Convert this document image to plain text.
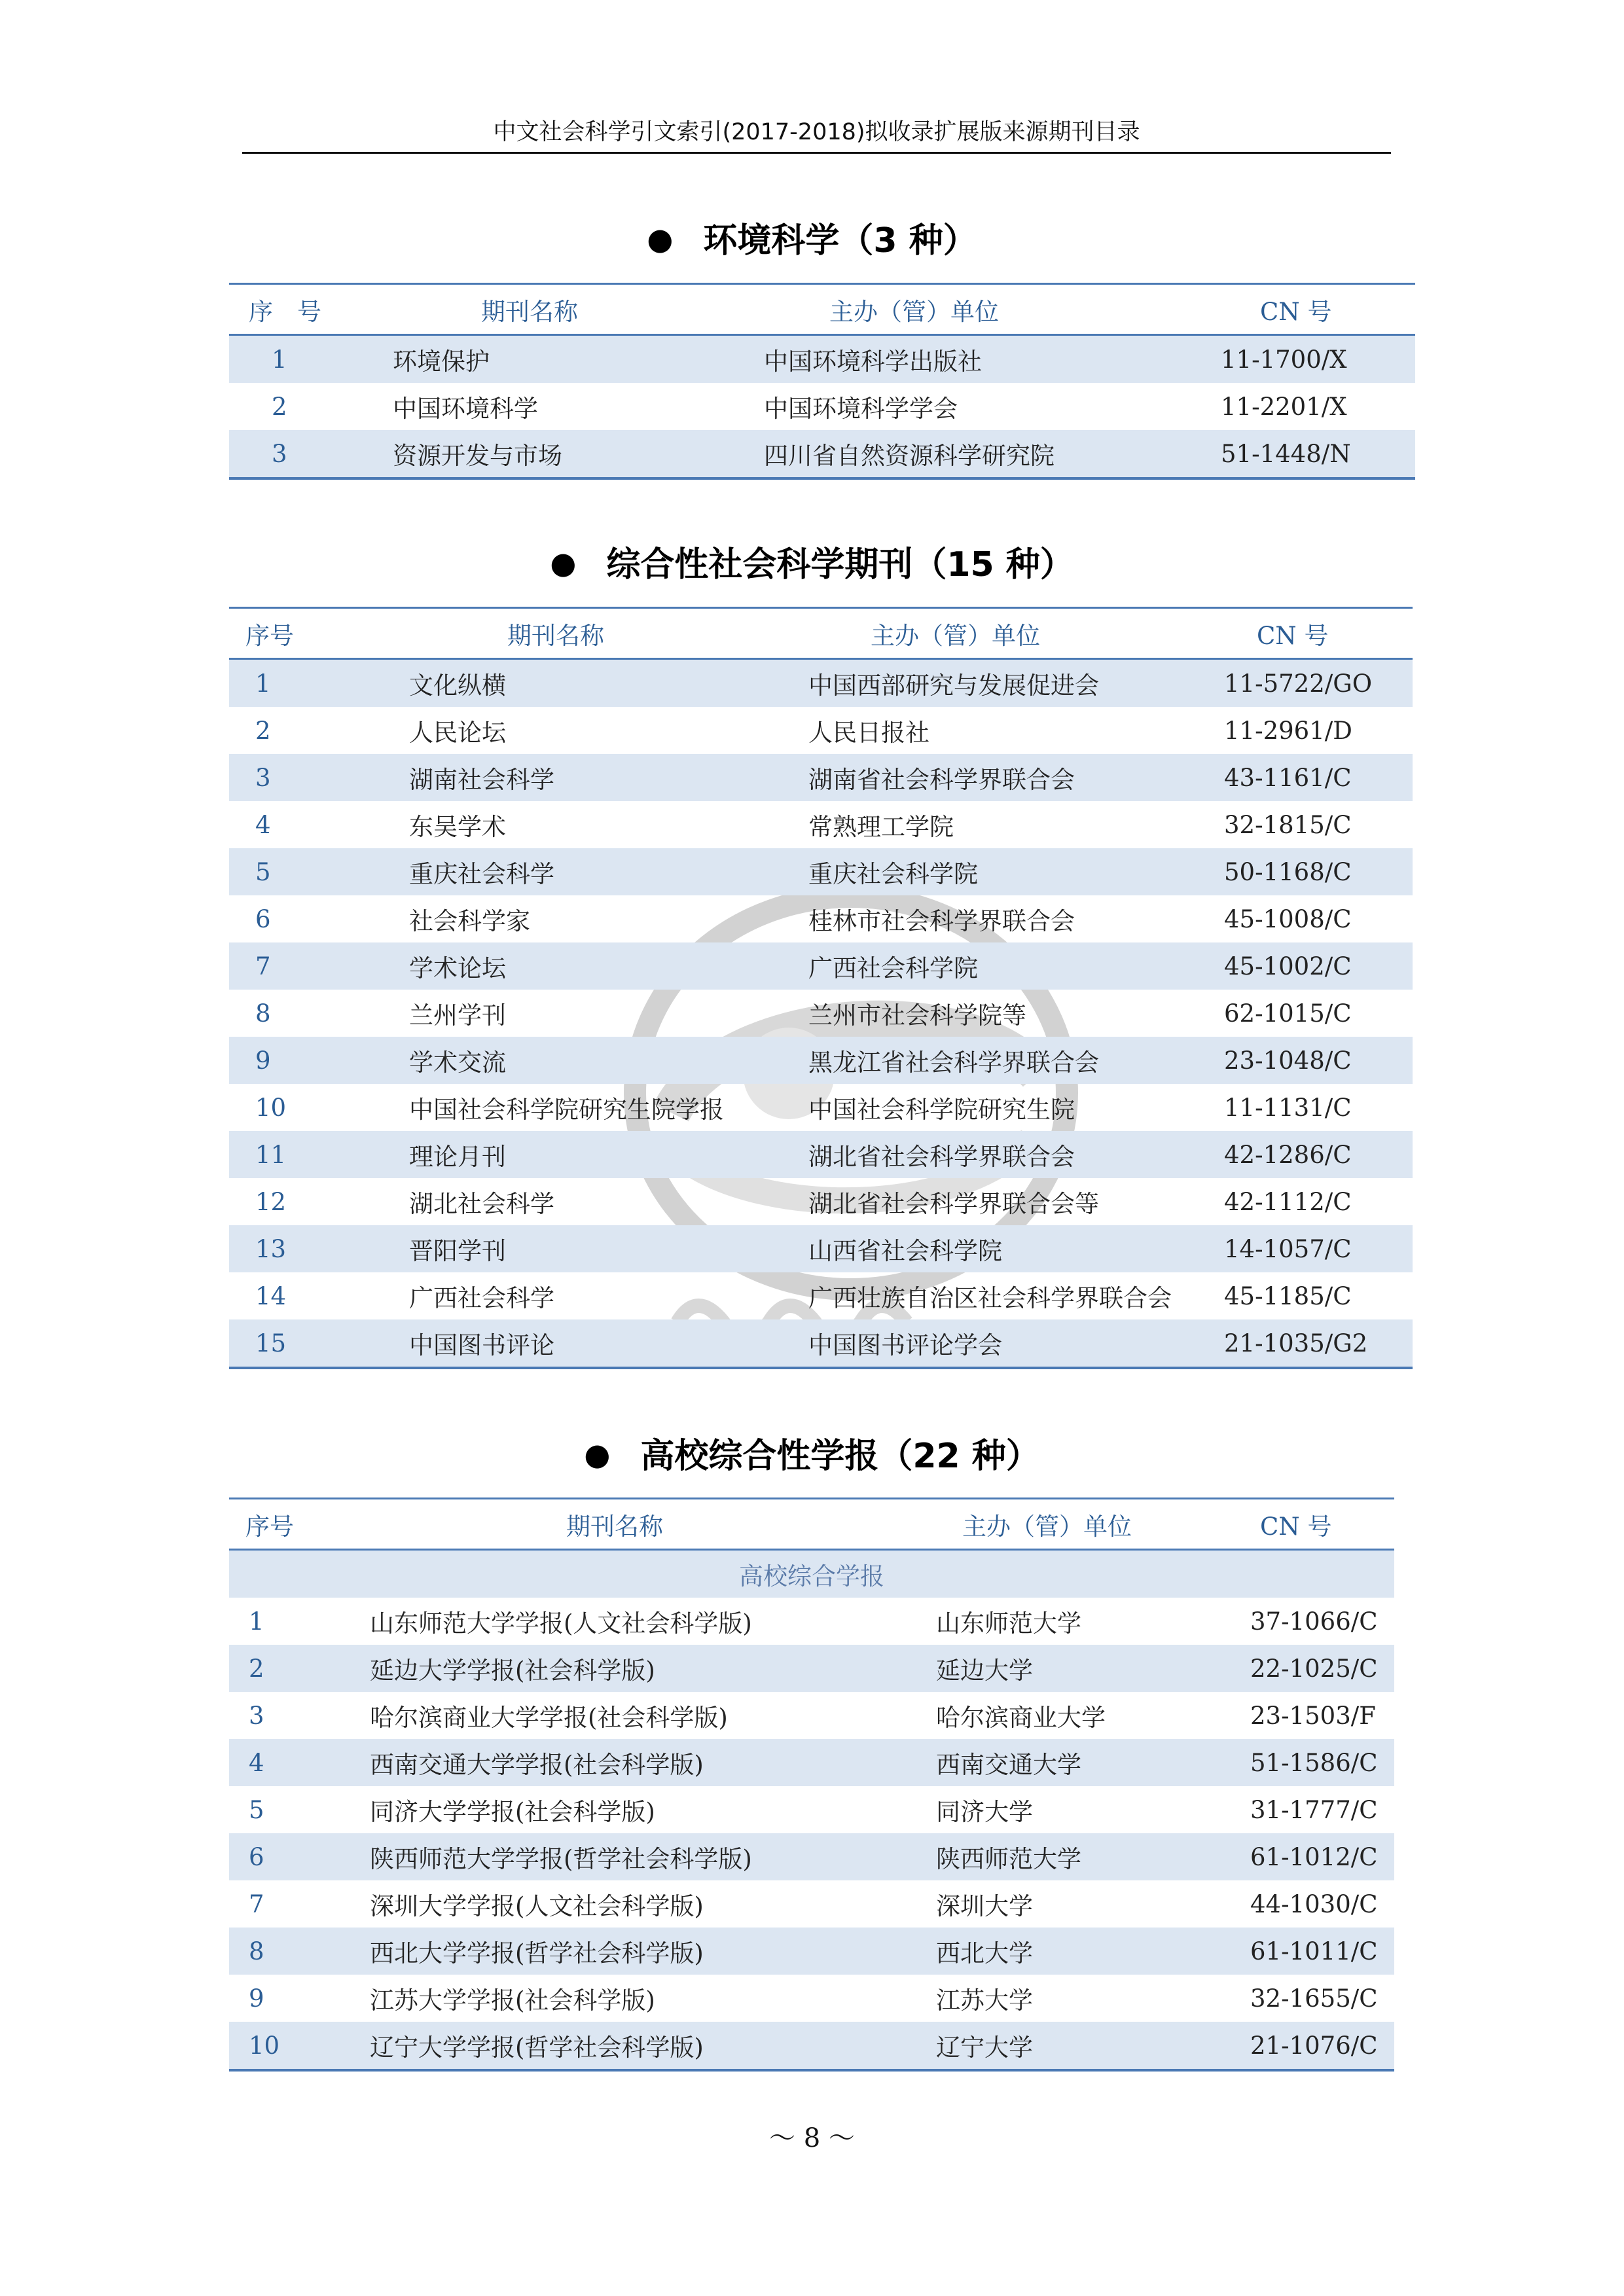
中文社会科学引文索引(2017-2018)拟收录扩展版来源期刊目录
● 环境科学（3 种）
序　号	期刊名称	主办（管）单位	CN 号
1	环境保护	中国环境科学出版社	11-1700/X
2	中国环境科学	中国环境科学学会	11-2201/X
3	资源开发与市场	四川省自然资源科学研究院	51-1448/N
● 综合性社会科学期刊（15 种）
序号	期刊名称	主办（管）单位	CN 号
1	文化纵横	中国西部研究与发展促进会	11-5722/GO
2	人民论坛	人民日报社	11-2961/D
3	湖南社会科学	湖南省社会科学界联合会	43-1161/C
4	东吴学术	常熟理工学院	32-1815/C
5	重庆社会科学	重庆社会科学院	50-1168/C
6	社会科学家	桂林市社会科学界联合会	45-1008/C
7	学术论坛	广西社会科学院	45-1002/C
8	兰州学刊	兰州市社会科学院等	62-1015/C
9	学术交流	黑龙江省社会科学界联合会	23-1048/C
10	中国社会科学院研究生院学报	中国社会科学院研究生院	11-1131/C
11	理论月刊	湖北省社会科学界联合会	42-1286/C
12	湖北社会科学	湖北省社会科学界联合会等	42-1112/C
13	晋阳学刊	山西省社会科学院	14-1057/C
14	广西社会科学	广西壮族自治区社会科学界联合会	45-1185/C
15	中国图书评论	中国图书评论学会	21-1035/G2
● 高校综合性学报（22 种）
序号	期刊名称	主办（管）单位	CN 号
高校综合学报			
1	山东师范大学学报(人文社会科学版)	山东师范大学	37-1066/C
2	延边大学学报(社会科学版)	延边大学	22-1025/C
3	哈尔滨商业大学学报(社会科学版)	哈尔滨商业大学	23-1503/F
4	西南交通大学学报(社会科学版)	西南交通大学	51-1586/C
5	同济大学学报(社会科学版)	同济大学	31-1777/C
6	陕西师范大学学报(哲学社会科学版)	陕西师范大学	61-1012/C
7	深圳大学学报(人文社会科学版)	深圳大学	44-1030/C
8	西北大学学报(哲学社会科学版)	西北大学	61-1011/C
9	江苏大学学报(社会科学版)	江苏大学	32-1655/C
10	辽宁大学学报(哲学社会科学版)	辽宁大学	21-1076/C
～ 8 ～
